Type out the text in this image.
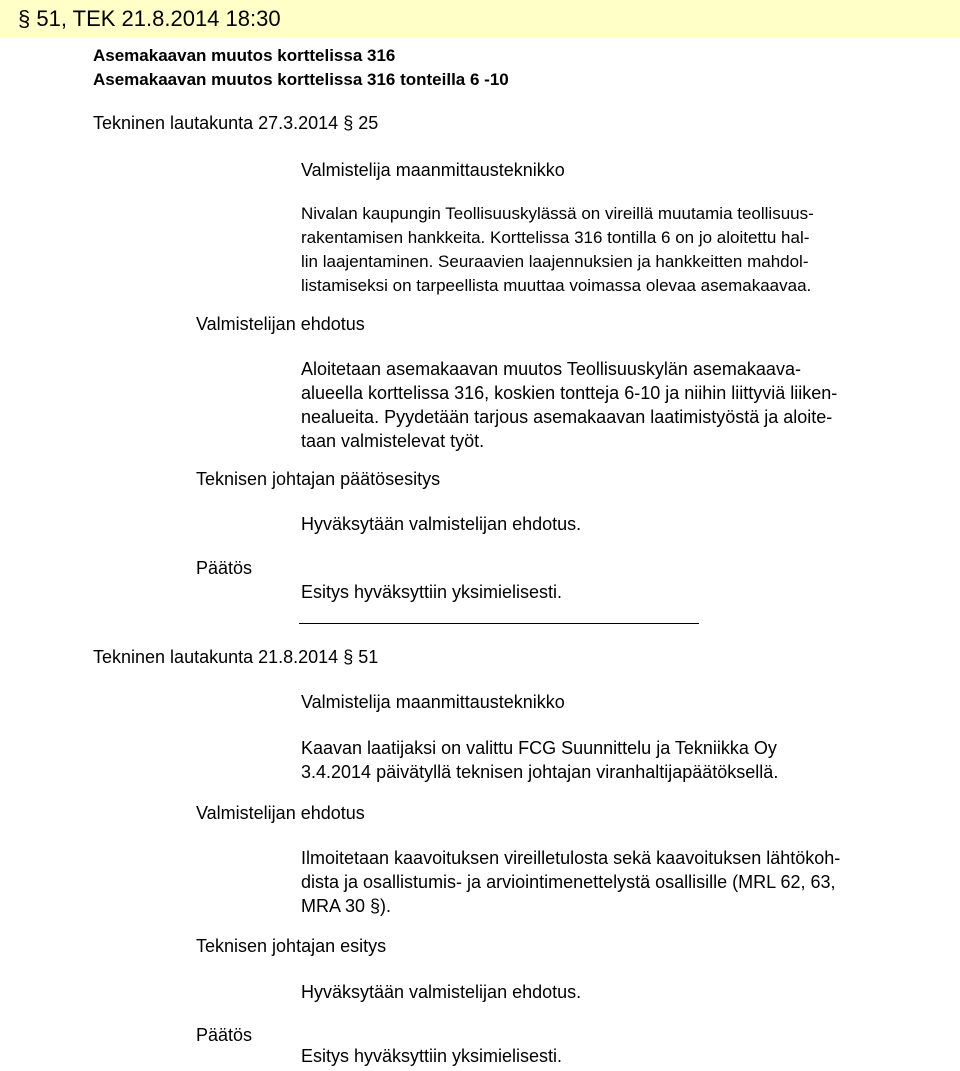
§ 51, TEK 21.8.2014 18:30
Asemakaavan muutos korttelissa 316
Asemakaavan muutos korttelissa 316 tonteilla 6 -10
Tekninen lautakunta 27.3.2014 § 25
Valmistelija maanmittausteknikko
Nivalan kaupungin Teollisuuskylässä on vireillä muutamia teollisuus-
rakentamisen hankkeita. Korttelissa 316 tontilla 6 on jo aloitettu hal-
lin laajentaminen. Seuraavien laajennuksien ja hankkeitten mahdol-
listamiseksi on tarpeellista muuttaa voimassa olevaa asemakaavaa.
Valmistelijan ehdotus
Aloitetaan asemakaavan muutos Teollisuuskylän asemakaava-
alueella korttelissa 316, koskien tontteja 6-10 ja niihin liittyviä liiken-
nealueita. Pyydetään tarjous asemakaavan laatimistyöstä ja aloite-
taan valmistelevat työt.
Teknisen johtajan päätösesitys
Hyväksytään valmistelijan ehdotus.
Päätös
Esitys hyväksyttiin yksimielisesti.
Tekninen lautakunta 21.8.2014 § 51
Valmistelija maanmittausteknikko
Kaavan laatijaksi on valittu FCG Suunnittelu ja Tekniikka Oy
3.4.2014 päivätyllä teknisen johtajan viranhaltijapäätöksellä.
Valmistelijan ehdotus
Ilmoitetaan kaavoituksen vireilletulosta sekä kaavoituksen lähtökoh-
dista ja osallistumis- ja arviointimenettelystä osallisille (MRL 62, 63,
MRA 30 §).
Teknisen johtajan esitys
Hyväksytään valmistelijan ehdotus.
Päätös
Esitys hyväksyttiin yksimielisesti.
